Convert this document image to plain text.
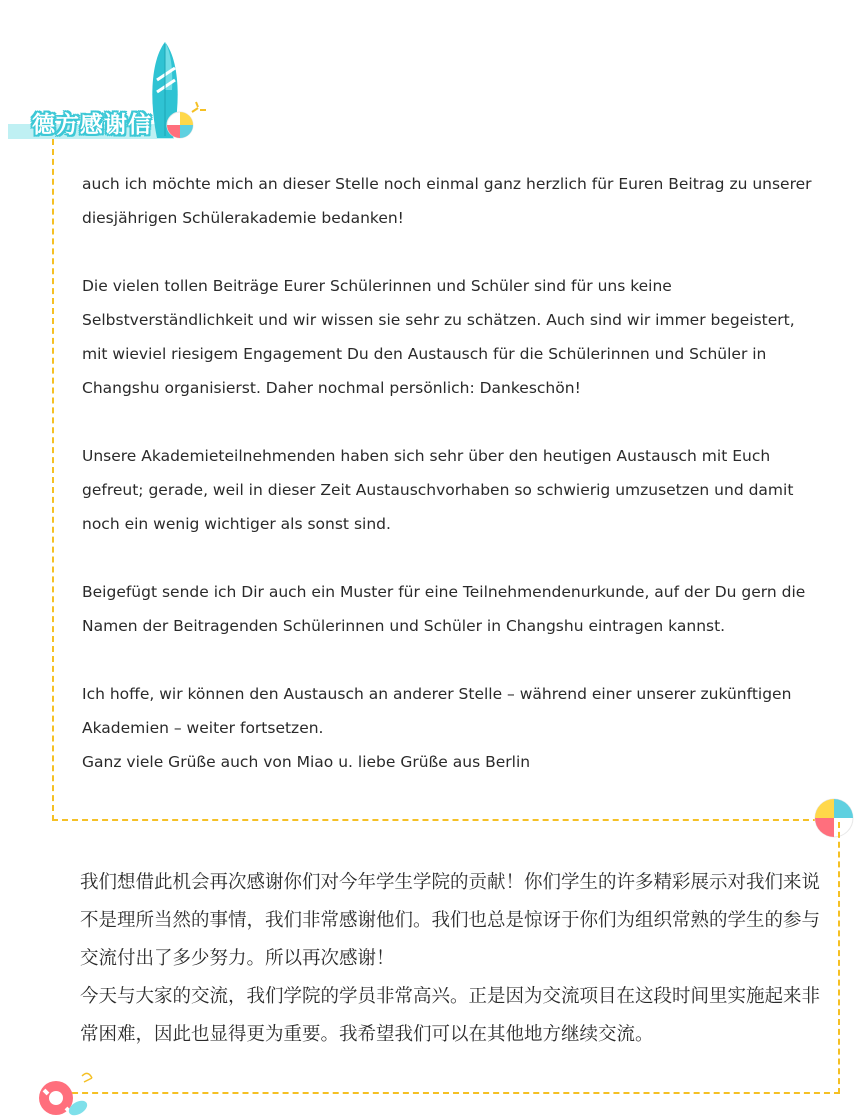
德方感谢信

auch ich möchte mich an dieser Stelle noch einmal ganz herzlich für Euren Beitrag zu unserer diesjährigen Schülerakademie bedanken!

Die vielen tollen Beiträge Eurer Schülerinnen und Schüler sind für uns keine Selbstverständlichkeit und wir wissen sie sehr zu schätzen. Auch sind wir immer begeistert, mit wieviel riesigem Engagement Du den Austausch für die Schülerinnen und Schüler in Changshu organisierst. Daher nochmal persönlich: Dankeschön!

Unsere Akademieteilnehmenden haben sich sehr über den heutigen Austausch mit Euch gefreut; gerade, weil in dieser Zeit Austauschvorhaben so schwierig umzusetzen und damit noch ein wenig wichtiger als sonst sind.

Beigefügt sende ich Dir auch ein Muster für eine Teilnehmendenurkunde, auf der Du gern die Namen der Beitragenden Schülerinnen und Schüler in Changshu eintragen kannst.

Ich hoffe, wir können den Austausch an anderer Stelle – während einer unserer zukünftigen Akademien – weiter fortsetzen.

Ganz viele Grüße auch von Miao u. liebe Grüße aus Berlin

我们想借此机会再次感谢你们对今年学生学院的贡献！你们学生的许多精彩展示对我们来说不是理所当然的事情，我们非常感谢他们。我们也总是惊讶于你们为组织常熟的学生的参与交流付出了多少努力。所以再次感谢！

今天与大家的交流，我们学院的学员非常高兴。正是因为交流项目在这段时间里实施起来非常困难，因此也显得更为重要。我希望我们可以在其他地方继续交流。
